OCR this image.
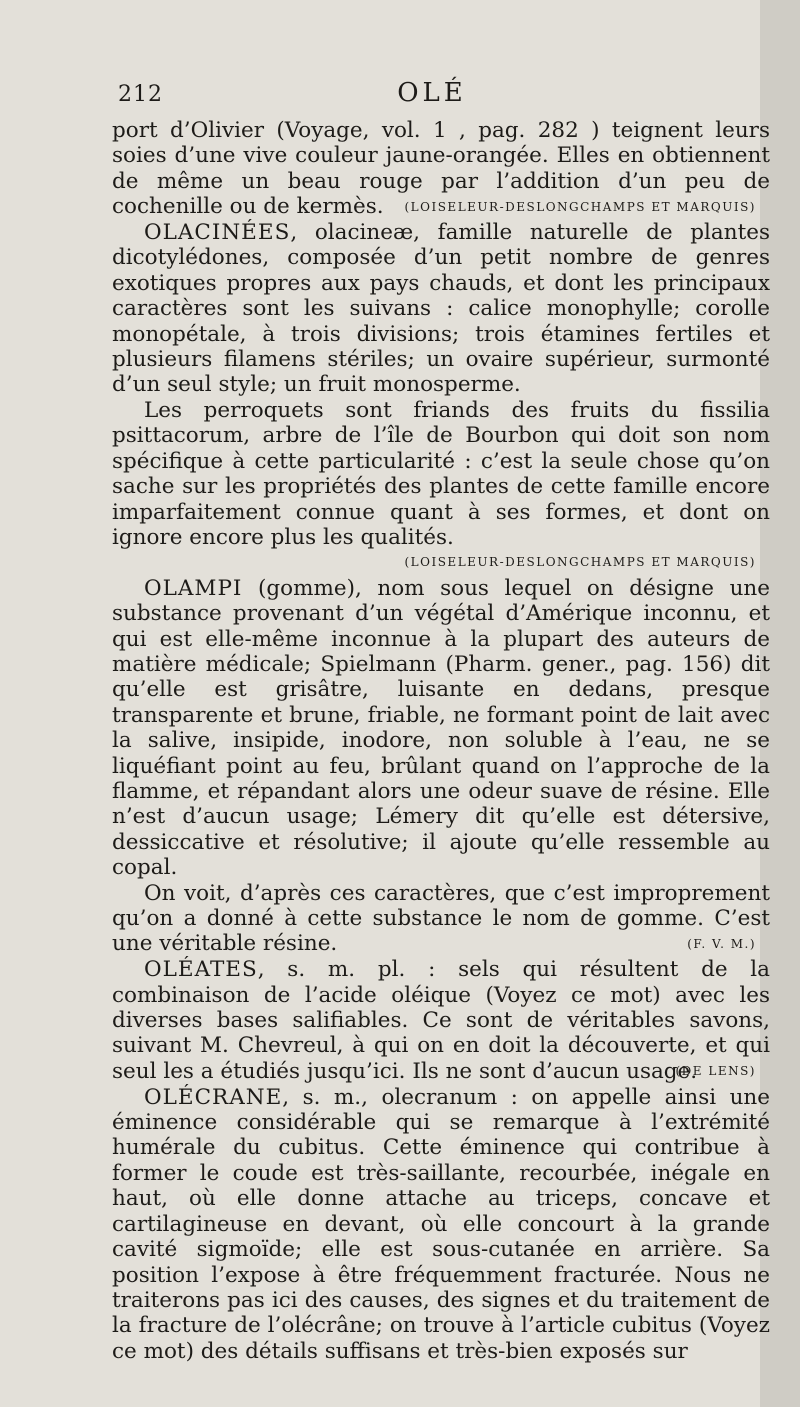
212	OLÉ

port d’Olivier (Voyage, vol. 1 , pag. 282 ) teignent leurs soies d’une vive couleur jaune-orangée. Elles en obtiennent de même un beau rouge par l’addition d’un peu de cochenille ou de kermès.	(LOISELEUR-DESLONGCHAMPS ET MARQUIS)

OLACINÉES, olacineæ, famille naturelle de plantes dicotylédones, composée d’un petit nombre de genres exotiques propres aux pays chauds, et dont les principaux caractères sont les suivans : calice monophylle; corolle monopétale, à trois divisions; trois étamines fertiles et plusieurs filamens stériles; un ovaire supérieur, surmonté d’un seul style; un fruit monosperme.

Les perroquets sont friands des fruits du fissilia psittacorum, arbre de l’île de Bourbon qui doit son nom spécifique à cette particularité : c’est la seule chose qu’on sache sur les propriétés des plantes de cette famille encore imparfaitement connue quant à ses formes, et dont on ignore encore plus les qualités.

(LOISELEUR-DESLONGCHAMPS ET MARQUIS)

OLAMPI (gomme), nom sous lequel on désigne une substance provenant d’un végétal d’Amérique inconnu, et qui est elle-même inconnue à la plupart des auteurs de matière médicale; Spielmann (Pharm. gener., pag. 156) dit qu’elle est grisâtre, luisante en dedans, presque transparente et brune, friable, ne formant point de lait avec la salive, insipide, inodore, non soluble à l’eau, ne se liquéfiant point au feu, brûlant quand on l’approche de la flamme, et répandant alors une odeur suave de résine. Elle n’est d’aucun usage; Lémery dit qu’elle est détersive, dessiccative et résolutive; il ajoute qu’elle ressemble au copal.

On voit, d’après ces caractères, que c’est improprement qu’on a donné à cette substance le nom de gomme. C’est une véritable résine.	(F. V. M.)

OLÉATES, s. m. pl. : sels qui résultent de la combinaison de l’acide oléique (Voyez ce mot) avec les diverses bases salifiables. Ce sont de véritables savons, suivant M. Chevreul, à qui on en doit la découverte, et qui seul les a étudiés jusqu’ici. Ils ne sont d’aucun usage.

(DE LENS)

OLÉCRANE, s. m., olecranum : on appelle ainsi une éminence considérable qui se remarque à l’extrémité humérale du cubitus. Cette éminence qui contribue à former le coude est très-saillante, recourbée, inégale en haut, où elle donne attache au triceps, concave et cartilagineuse en devant, où elle concourt à la grande cavité sigmoïde; elle est sous-cutanée en arrière. Sa position l’expose à être fréquemment fracturée. Nous ne traiterons pas ici des causes, des signes et du traitement de la fracture de l’olécrâne; on trouve à l’article cubitus (Voyez ce mot) des détails suffisans et très-bien exposés sur
